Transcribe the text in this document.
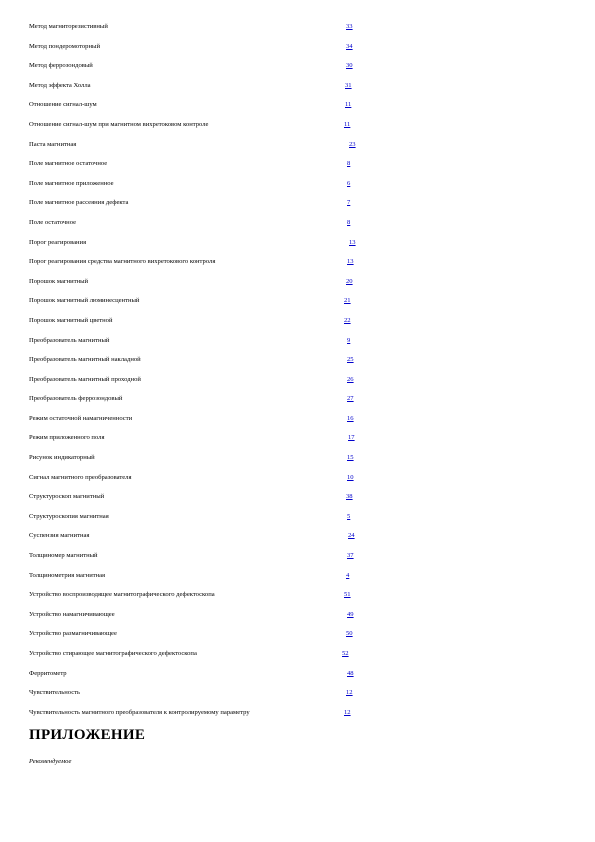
Метод магниторезистивный	33
Метод пондеромоторный	34
Метод феррозондовый	30
Метод эффекта Холла	31
Отношение сигнал-шум	11
Отношение сигнал-шум при магнитном вихретоковом контроле	11
Паста магнитная	23
Поле магнитное остаточное	8
Поле магнитное приложенное	6
Поле магнитное рассеяния дефекта	7
Поле остаточное	8
Порог реагирования	13
Порог реагирования средства магнитного вихретокового контроля	13
Порошок магнитный	20
Порошок магнитный люминесцентный	21
Порошок магнитный цветной	22
Преобразователь магнитный	9
Преобразователь магнитный накладной	25
Преобразователь магнитный проходной	26
Преобразователь феррозондовый	27
Режим остаточной намагниченности	16
Режим приложенного поля	17
Рисунок индикаторный	15
Сигнал магнитного преобразователя	10
Структуроскоп магнитный	38
Структуроскопия магнитная	5
Суспензия магнитная	24
Толщиномер магнитный	37
Толщинометрия магнитная	4
Устройство воспроизводящее магнитографического дефектоскопа	51
Устройство намагничивающее	49
Устройство размагничивающее	50
Устройство стирающее магнитографического дефектоскопа	52
Ферритометр	48
Чувствительность	12
Чувствительность магнитного преобразователя к контролируемому параметру	12
ПРИЛОЖЕНИЕ
Рекомендуемое
